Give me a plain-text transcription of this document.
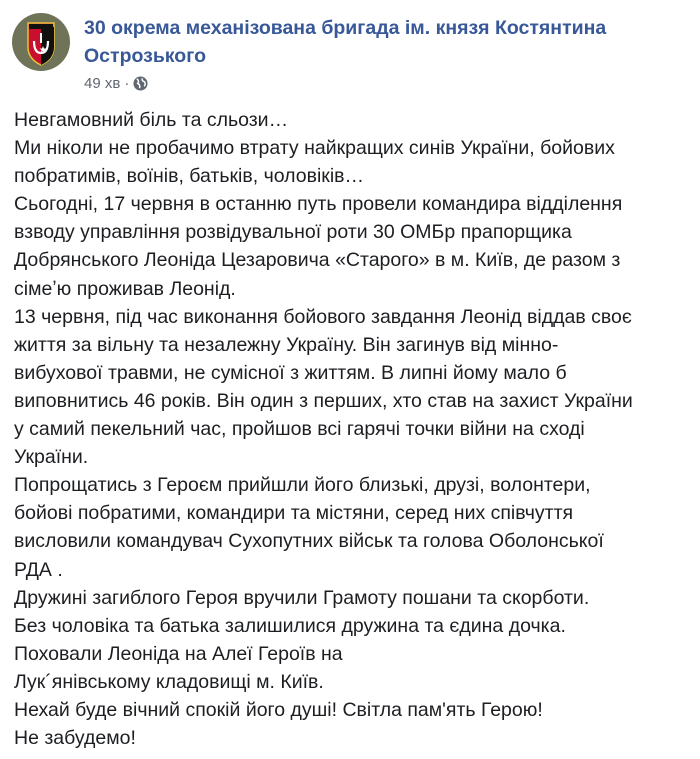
30 окрема механізована бригада ім. князя Костянтина Острозького
49 хв ·
Невгамовний біль та сльози…
Ми ніколи не пробачимо втрату найкращих синів України, бойових
побратимів, воїнів, батьків, чоловіків…
Сьогодні, 17 червня в останню путь провели командира відділення
взводу управління розвідувальної роти 30 ОМБр прапорщика
Добрянського Леоніда Цезаровича «Старого» в м. Київ, де разом з
сімеʼю проживав Леонід.
13 червня, під час виконання бойового завдання Леонід віддав своє
життя за вільну та незалежну Україну. Він загинув від мінно-
вибухової травми, не сумісної з життям. В липні йому мало б
виповнитись 46 років. Він один з перших, хто став на захист України
у самий пекельний час, пройшов всі гарячі точки війни на сході
України.
Попрощатись з Героєм прийшли його близькі, друзі, волонтери,
бойові побратими, командири та містяни, серед них співчуття
висловили командувач Сухопутних військ та голова Оболонської
РДА .
Дружині загиблого Героя вручили Грамоту пошани та скорботи.
Без чоловіка та батька залишилися дружина та єдина дочка.
Поховали Леоніда на Алеї Героїв на
Лук´янівському кладовищі м. Київ.
Нехай буде вічний спокій його душі! Світла пам'ять Герою!
Не забудемо!
